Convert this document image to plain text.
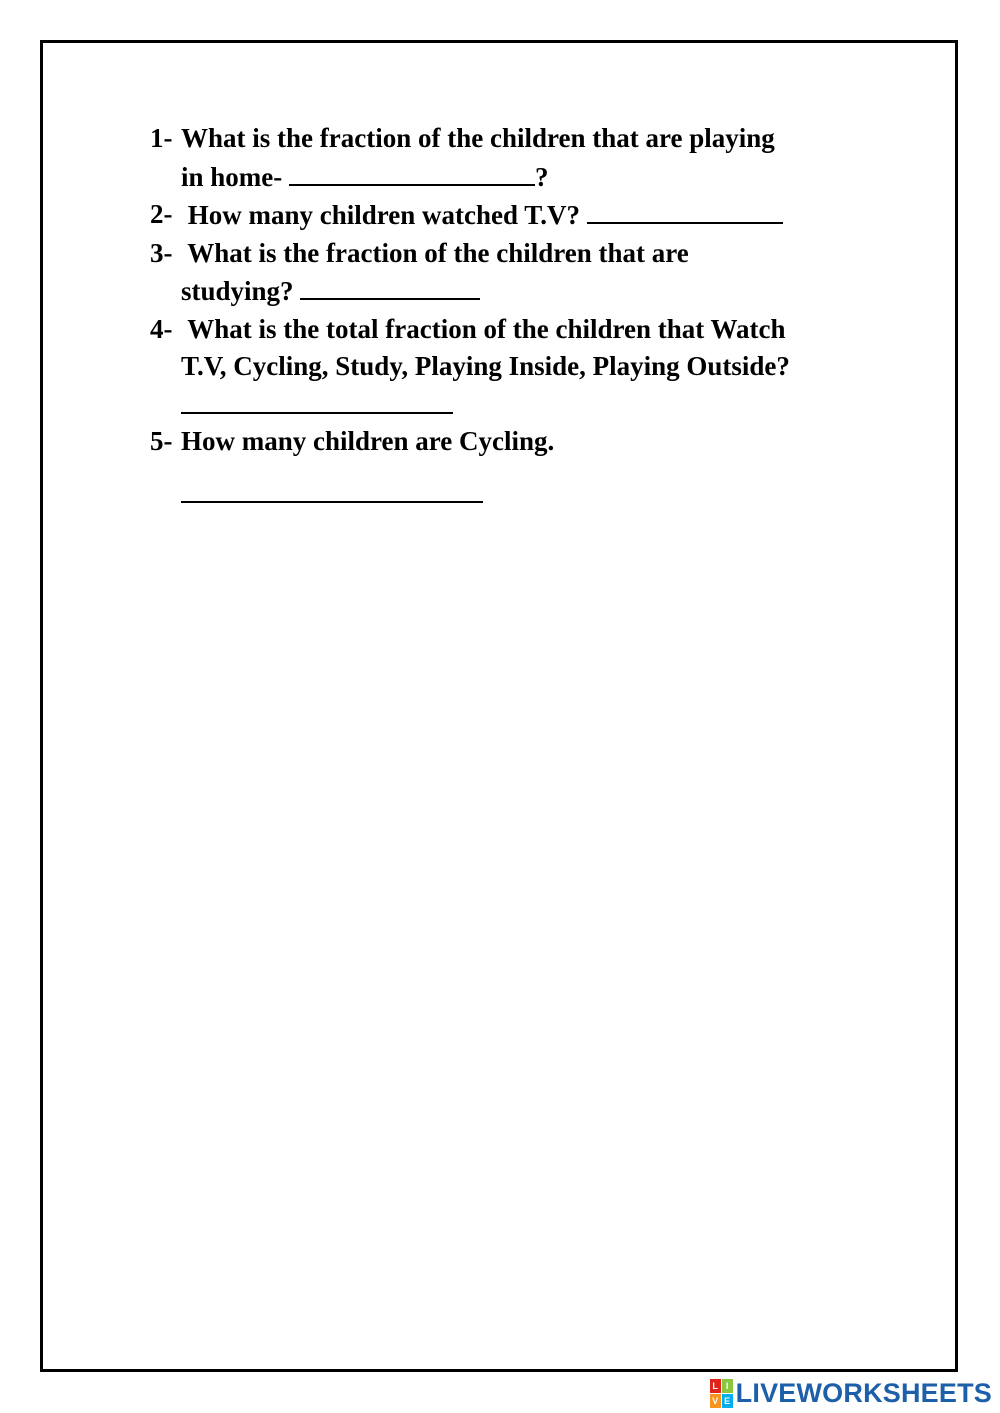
1- What is the fraction of the children that are playing
in home-	?
2- How many children watched T.V?
3- What is the fraction of the children that are
studying?
4- What is the total fraction of the children that Watch
T.V, Cycling, Study, Playing Inside, Playing Outside?
5- How many children are Cycling.
L I
V E LIVEWORKSHEETS
